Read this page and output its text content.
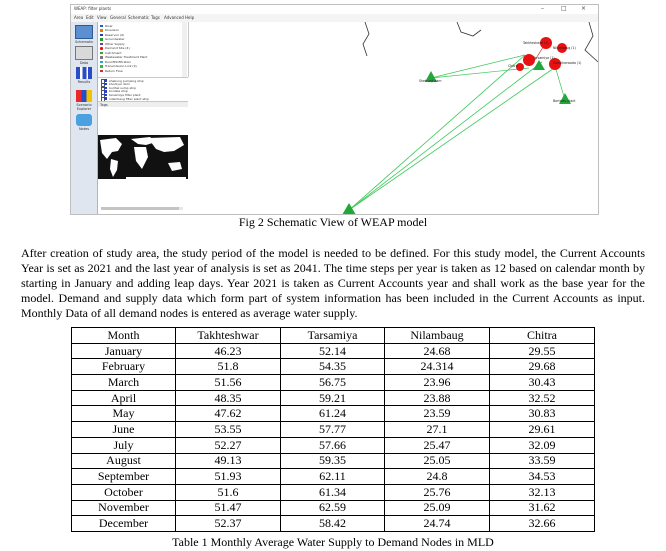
WEAP: filter plants	–	□ ×
Area Edit View General Schematic Tags Advanced Help
Schematic
Data
Results
Scenario Explorer
Notes
River
Diversion
Reservoir (0)
Groundwater
Other Supply
Demand Site (4)
Catchment
Wastewater Treatment Plant
Runoff/Infiltration
Transmission Link (9)
Return Flow
shebung pumping stnp
khodiyar dam
budhel sump stnp
borilala stnp
tarsamiya filter plant
nilambaug filter plant stnp
Tags
Takhteshwar (1)
Nilambaug (1)
Tarsamiya (1)
Chitra
Kumbharwada (1)
Shetrunji dam
Bortalav plant
Fig 2 Schematic View of WEAP model

After creation of study area, the study period of the model is needed to be defined. For this study model, the Current Accounts Year is set as 2021 and the last year of analysis is set as 2041. The time steps per year is taken as 12 based on calendar month by starting in January and adding leap days. Year 2021 is taken as Current Accounts year and shall work as the base year for the model. Demand and supply data which form part of system information has been included in the Current Accounts as input. Monthly Data of all demand nodes is entered as average water supply.

Month	Takhteshwar	Tarsamiya	Nilambaug	Chitra
January	46.23	52.14	24.68	29.55
February	51.8	54.35	24.314	29.68
March	51.56	56.75	23.96	30.43
April	48.35	59.21	23.88	32.52
May	47.62	61.24	23.59	30.83
June	53.55	57.77	27.1	29.61
July	52.27	57.66	25.47	32.09
August	49.13	59.35	25.05	33.59
September	51.93	62.11	24.8	34.53
October	51.6	61.34	25.76	32.13
November	51.47	62.59	25.09	31.62
December	52.37	58.42	24.74	32.66
Table 1 Monthly Average Water Supply to Demand Nodes in MLD
